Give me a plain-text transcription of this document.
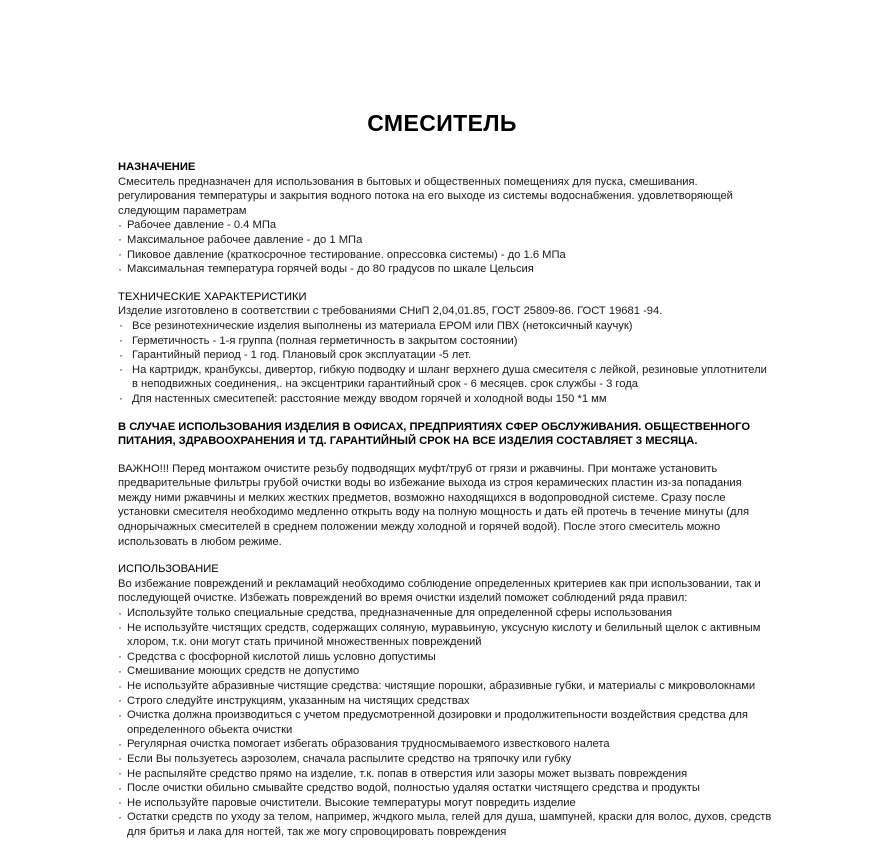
СМЕСИТЕЛЬ
НАЗНАЧЕНИЕ

Смеситель предназначен для использования в бытовых и общественных помещениях для пуска, смешивания. регулирования температуры и закрытия водного потока на его выходе из системы водоснабжения. удовлетворяющей следующим параметрам

· Рабочее давление - 0.4 МПа
· Максимальное рабочее давление - до 1 МПа
· Пиковое давление (краткосрочное тестирование. опрессовка системы) - до 1.6 МПа
· Максимальная температура горячей воды - до 80 градусов по шкале Цельсия
ТЕХНИЧЕСКИЕ ХАРАКТЕРИСТИКИ

Изделие изготовлено в соответствии с требованиями СНиП 2,04,01.85, ГОСТ 25809-86. ГОСТ 19681 -94.

· Все резинотехнические изделия выполнены из материала ЕРОМ или ПВХ (нетоксичный каучук)
· Герметичность - 1-я группа (полная герметичность в закрытом состоянии)
· Гарантийный период - 1 год. Плановый срок эксплуатации -5 лет.
· На картридж, кранбуксы, дивертор, гибкую подводку и шланг верхнего душа смесителя с лейкой, резиновые уплотнители в неподвижных соединения,. на эксцентрики гарантийный срок - 6 месяцев. срок службы - 3 года
· Дпя настенных смеситепей: расстояние между вводом горячей и холодной воды 150 *1 мм

В СЛУЧАЕ ИСПОЛЬЗОВАНИЯ ИЗДЕЛИЯ В ОФИСАХ, ПРЕДПРИЯТИЯХ СФЕР ОБСЛУЖИВАНИЯ. ОБЩЕСТВЕННОГО ПИТАНИЯ, ЗДРАВООХРАНЕНИЯ И ТД. ГАРАНТИЙНЫЙ СРОК НА ВСЕ ИЗДЕЛИЯ СОСТАВЛЯЕТ 3 МЕСЯЦА.

ВАЖНО!!! Перед монтажом очистите резьбу подводящих муфт/труб от грязи и ржавчины. При монтаже установить предварительные фильтры грубой очистки воды во избежание выхода из строя керамических пластин из-за попадания между ними ржавчины и мелких жестких предметов, возможно находящихся в водопроводной системе. Сразу после установки смесителя необходимо медленно открыть воду на полную мощность и дать ей протечь в течение минуты (для однорычажных смесителей в среднем положении между холодной и горячей водой). После этого смеситель можно использовать в любом режиме.

ИСПОЛЬЗОВАНИЕ

Во избежание повреждений и рекламаций необходимо соблюдение определенных критериев как при использовании, так и последующей очистке. Избежать повреждений во время очистки изделий поможет соблюдений ряда правил:

· Используйте только специальные средства, предназначенные для определенной сферы использования
· Не используйте чистящих средств, содержащих соляную, муравьиную, уксусную кислоту и белильный щелок с активным хлором, т.к. они могут стать причиной множественных повреждений
· Средства с фосфорной кислотой лишь условно допустимы
· Смешивание моющих средств не допустимо
· Не используйте абразивные чистящие средства: чистящие порошки, абразивные губки, и материалы с микроволокнами
· Строго следуйте инструкциям, указанным на чистящих средствах
· Очистка должна производиться с учетом предусмотренной дозировки и продолжитепьности воздействия средства для определенного обьекта очистки
· Регулярная очистка помогает избегать образования трудносмываемого известкового налета
· Если Вы пользуетесь аэрозолем, сначала распылите средство на тряпочку или губку
· Не распыляйте средство прямо на изделие, т.к. попав в отверстия или зазоры может вызвать повреждения
· После очистки обильно смывайте средство водой, полностью удаляя остатки чистящего средства и продукты
· Не используйте паровые очистители. Высокие температуры могут повредить изделие
· Остатки средств по уходу за телом, например, жчдкого мыла, гелей для душа, шампуней, краски для волос, духов, средств для бритья и лака для ногтей, так же могу спровоцировать повреждения
